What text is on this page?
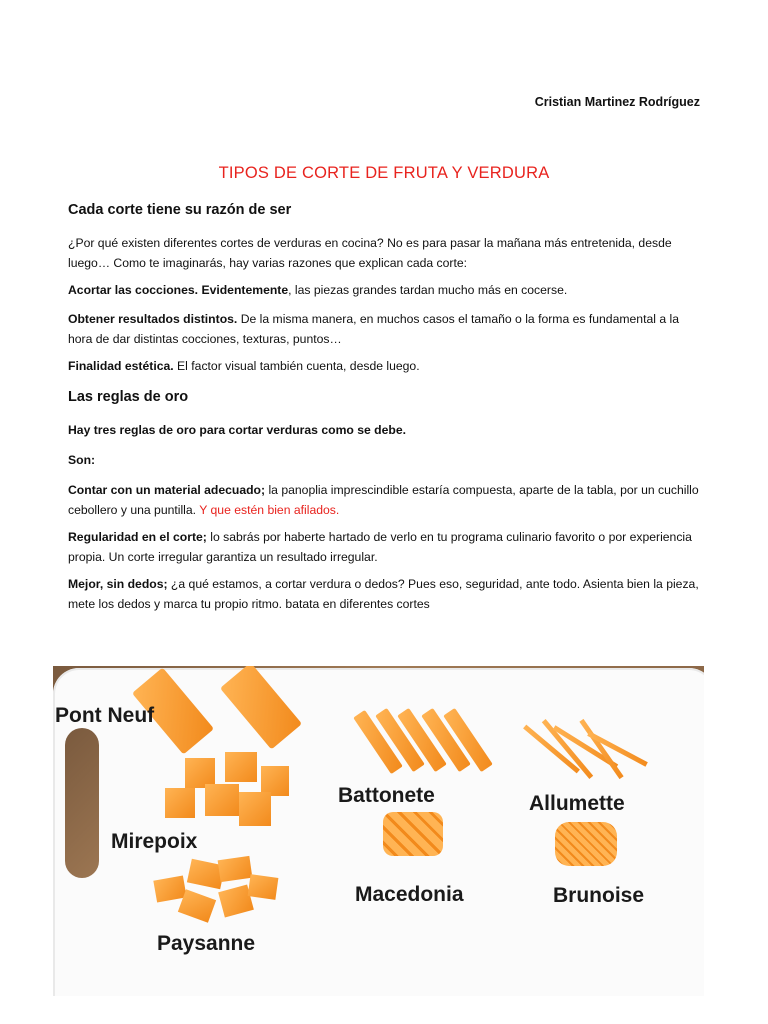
Cristian Martinez Rodríguez
TIPOS DE CORTE DE FRUTA Y VERDURA
Cada corte tiene su razón de ser
¿Por qué existen diferentes cortes de verduras en cocina? No es para pasar la mañana más entretenida, desde luego… Como te imaginarás, hay varias razones que explican cada corte:
Acortar las cocciones. Evidentemente, las piezas grandes tardan mucho más en cocerse.
Obtener resultados distintos. De la misma manera, en muchos casos el tamaño o la forma es fundamental a la hora de dar distintas cocciones, texturas, puntos…
Finalidad estética. El factor visual también cuenta, desde luego.
Las reglas de oro
Hay tres reglas de oro para cortar verduras como se debe.
Son:
Contar con un material adecuado; la panoplia imprescindible estaría compuesta, aparte de la tabla, por un cuchillo cebollero y una puntilla. Y que estén bien afilados.
Regularidad en el corte; lo sabrás por haberte hartado de verlo en tu programa culinario favorito o por experiencia propia. Un corte irregular garantiza un resultado irregular.
Mejor, sin dedos; ¿a qué estamos, a cortar verdura o dedos? Pues eso, seguridad, ante todo. Asienta bien la pieza, mete los dedos y marca tu propio ritmo. batata en diferentes cortes
Pont Neuf
Mirepoix
Paysanne
Battonete
Macedonia
Allumette
Brunoise
